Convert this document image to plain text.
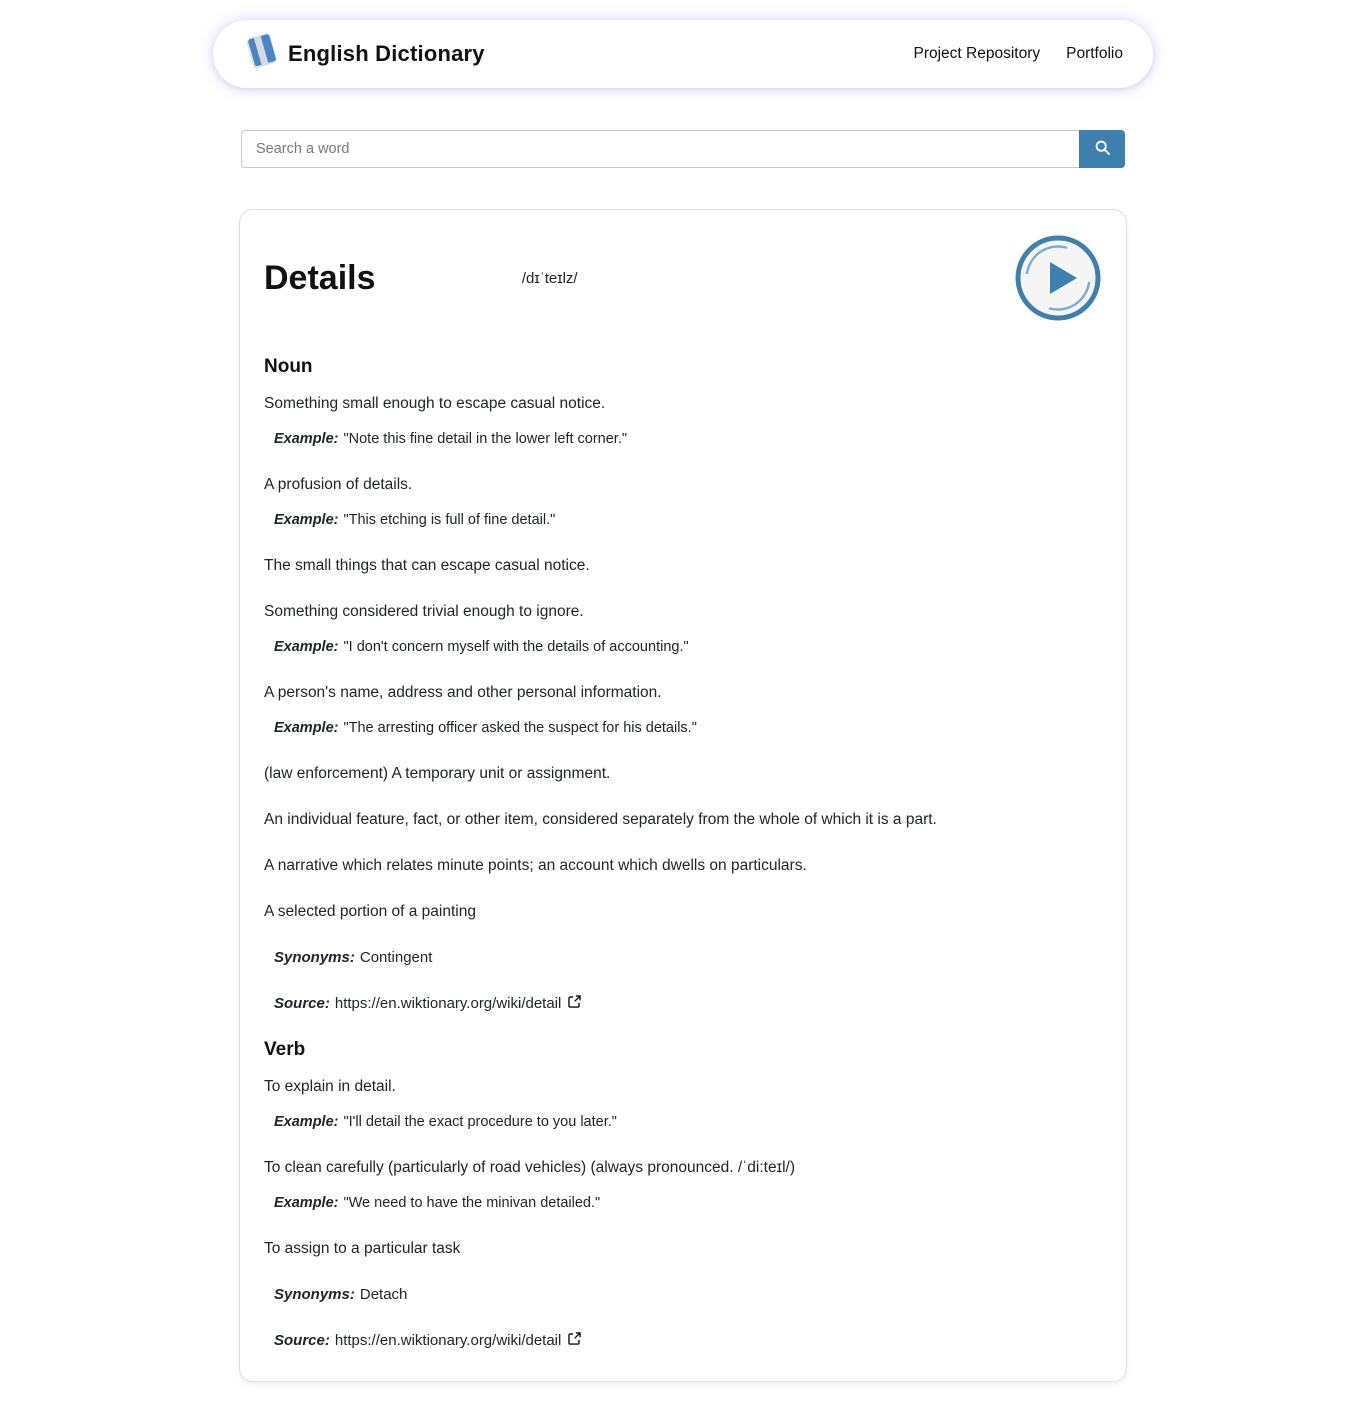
English Dictionary	Project Repository Portfolio
Search a word
Details	/dɪˈteɪlz/
Noun

Something small enough to escape casual notice.

Example: "Note this fine detail in the lower left corner."

A profusion of details.

Example: "This etching is full of fine detail."

The small things that can escape casual notice.

Something considered trivial enough to ignore.

Example: "I don't concern myself with the details of accounting."

A person's name, address and other personal information.

Example: "The arresting officer asked the suspect for his details."

(law enforcement) A temporary unit or assignment.

An individual feature, fact, or other item, considered separately from the whole of which it is a part.

A narrative which relates minute points; an account which dwells on particulars.

A selected portion of a painting

Synonyms: Contingent

Source: https://en.wiktionary.org/wiki/detail

Verb

To explain in detail.

Example: "I'll detail the exact procedure to you later."

To clean carefully (particularly of road vehicles) (always pronounced. /ˈdi:teɪl/)

Example: "We need to have the minivan detailed."

To assign to a particular task

Synonyms: Detach

Source: https://en.wiktionary.org/wiki/detail
